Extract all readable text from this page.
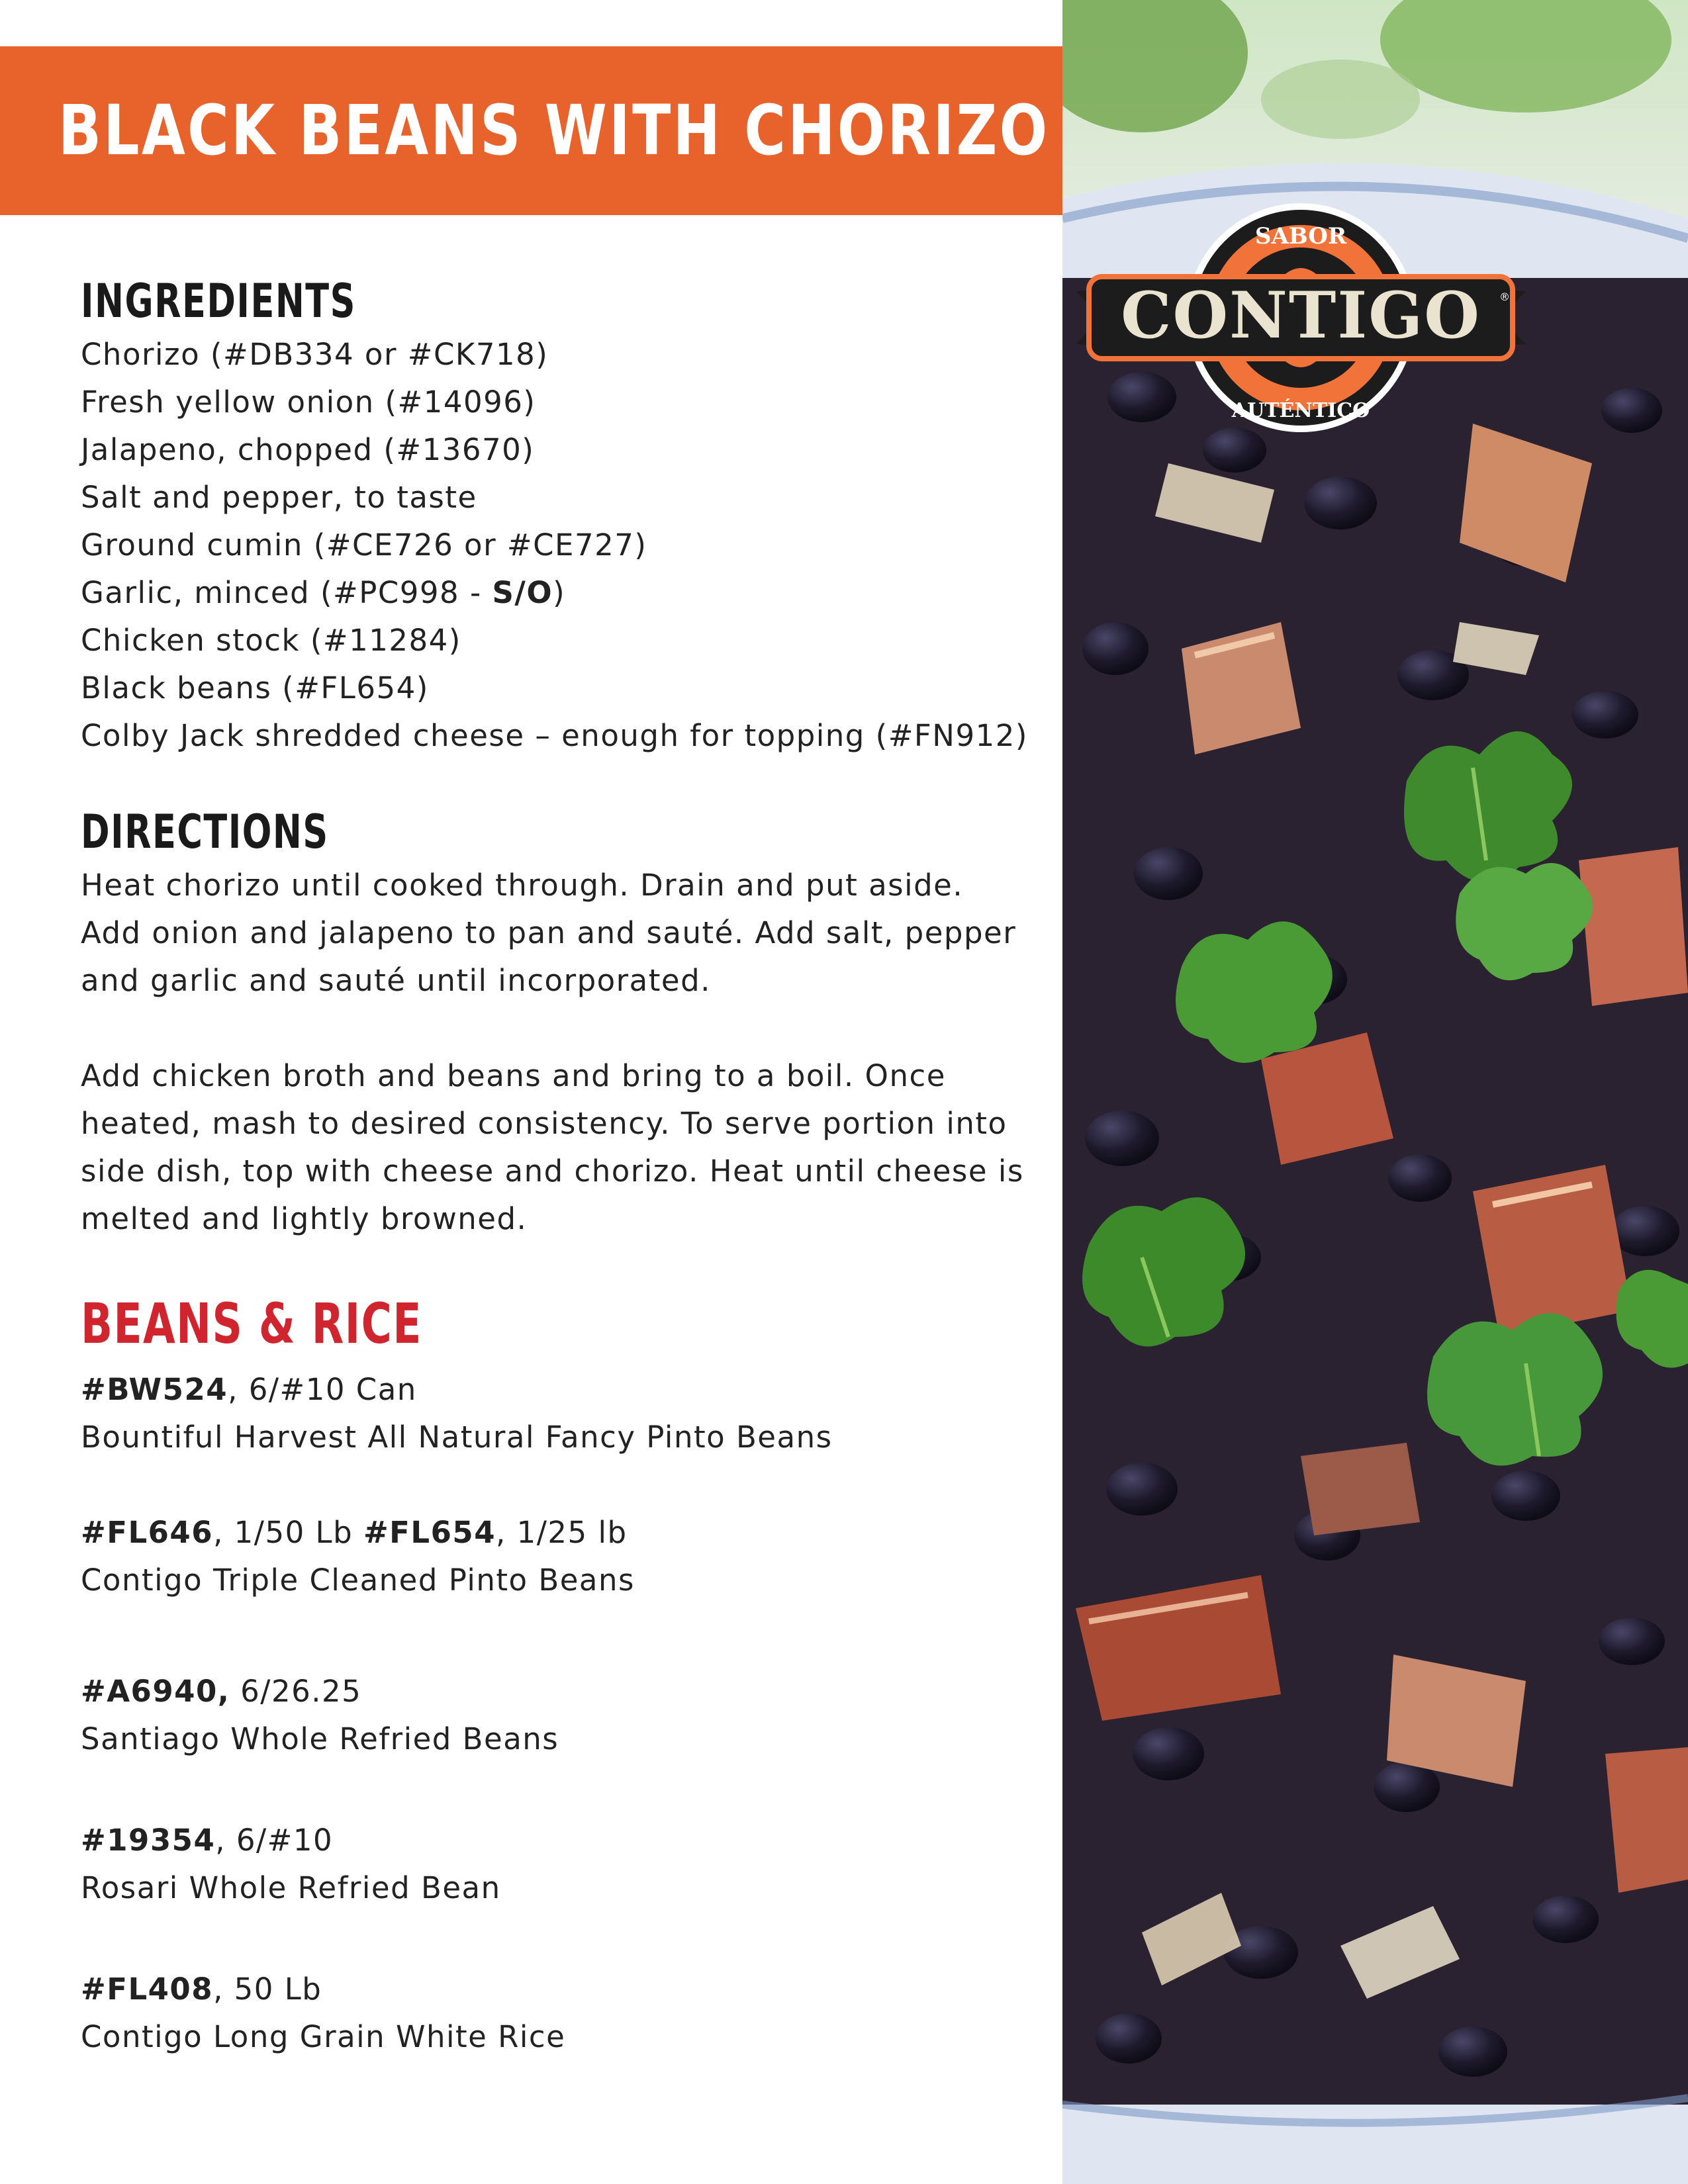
BLACK BEANS WITH CHORIZO
INGREDIENTS
Chorizo (#DB334 or #CK718)
Fresh yellow onion (#14096)
Jalapeno, chopped (#13670)
Salt and pepper, to taste
Ground cumin (#CE726 or #CE727)
Garlic, minced (#PC998 - S/O)
Chicken stock (#11284)
Black beans (#FL654)
Colby Jack shredded cheese – enough for topping (#FN912)
DIRECTIONS

Heat chorizo until cooked through. Drain and put aside.
Add onion and jalapeno to pan and sauté. Add salt, pepper
and garlic and sauté until incorporated.

Add chicken broth and beans and bring to a boil. Once
heated, mash to desired consistency. To serve portion into
side dish, top with cheese and chorizo. Heat until cheese is
melted and lightly browned.

BEANS & RICE
#BW524, 6/#10 Can
Bountiful Harvest All Natural Fancy Pinto Beans
#FL646, 1/50 Lb #FL654, 1/25 lb
Contigo Triple Cleaned Pinto Beans
#A6940, 6/26.25
Santiago Whole Refried Beans
#19354, 6/#10
Rosari Whole Refried Bean
#FL408, 50 Lb
Contigo Long Grain White Rice
SABOR
CONTIGO ®
AUTÉNTICO
